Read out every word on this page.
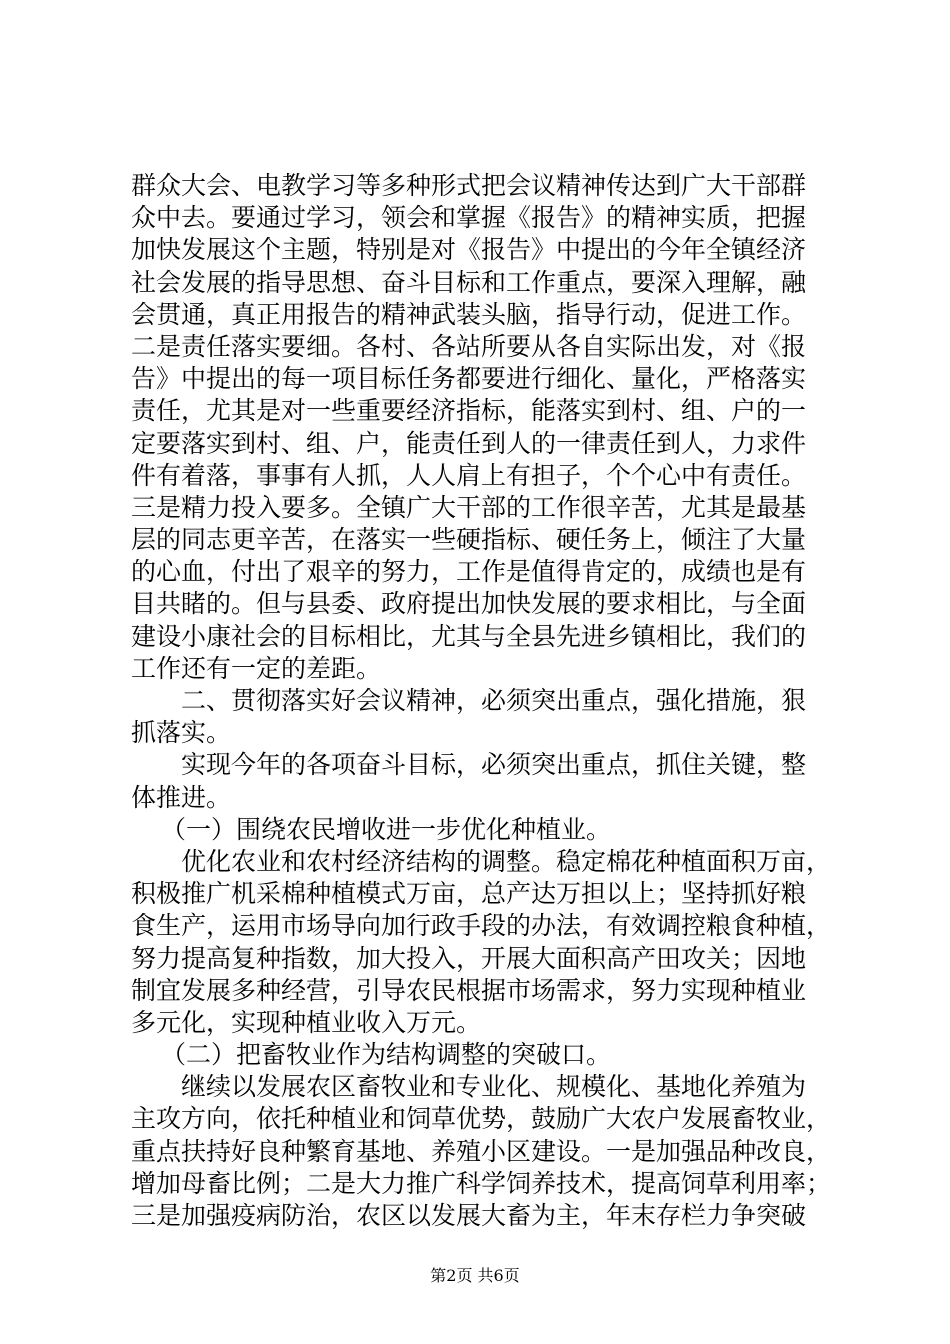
群众大会、电教学习等多种形式把会议精神传达到广大干部群
众中去。要通过学习，领会和掌握《报告》的精神实质，把握
加快发展这个主题，特别是对《报告》中提出的今年全镇经济
社会发展的指导思想、奋斗目标和工作重点，要深入理解，融
会贯通，真正用报告的精神武装头脑，指导行动，促进工作。
二是责任落实要细。各村、各站所要从各自实际出发，对《报
告》中提出的每一项目标任务都要进行细化、量化，严格落实
责任，尤其是对一些重要经济指标，能落实到村、组、户的一
定要落实到村、组、户，能责任到人的一律责任到人，力求件
件有着落，事事有人抓，人人肩上有担子，个个心中有责任。
三是精力投入要多。全镇广大干部的工作很辛苦，尤其是最基
层的同志更辛苦，在落实一些硬指标、硬任务上，倾注了大量
的心血，付出了艰辛的努力，工作是值得肯定的，成绩也是有
目共睹的。但与县委、政府提出加快发展的要求相比，与全面
建设小康社会的目标相比，尤其与全县先进乡镇相比，我们的
工作还有一定的差距。
二、贯彻落实好会议精神，必须突出重点，强化措施，狠
抓落实。
实现今年的各项奋斗目标，必须突出重点，抓住关键，整
体推进。
（一）围绕农民增收进一步优化种植业。
优化农业和农村经济结构的调整。稳定棉花种植面积万亩，
积极推广机采棉种植模式万亩，总产达万担以上；坚持抓好粮
食生产，运用市场导向加行政手段的办法，有效调控粮食种植，
努力提高复种指数，加大投入，开展大面积高产田攻关；因地
制宜发展多种经营，引导农民根据市场需求，努力实现种植业
多元化，实现种植业收入万元。
（二）把畜牧业作为结构调整的突破口。
继续以发展农区畜牧业和专业化、规模化、基地化养殖为
主攻方向，依托种植业和饲草优势，鼓励广大农户发展畜牧业，
重点扶持好良种繁育基地、养殖小区建设。一是加强品种改良，
增加母畜比例；二是大力推广科学饲养技术，提高饲草利用率；
三是加强疫病防治，农区以发展大畜为主，年末存栏力争突破
第2页 共6页
